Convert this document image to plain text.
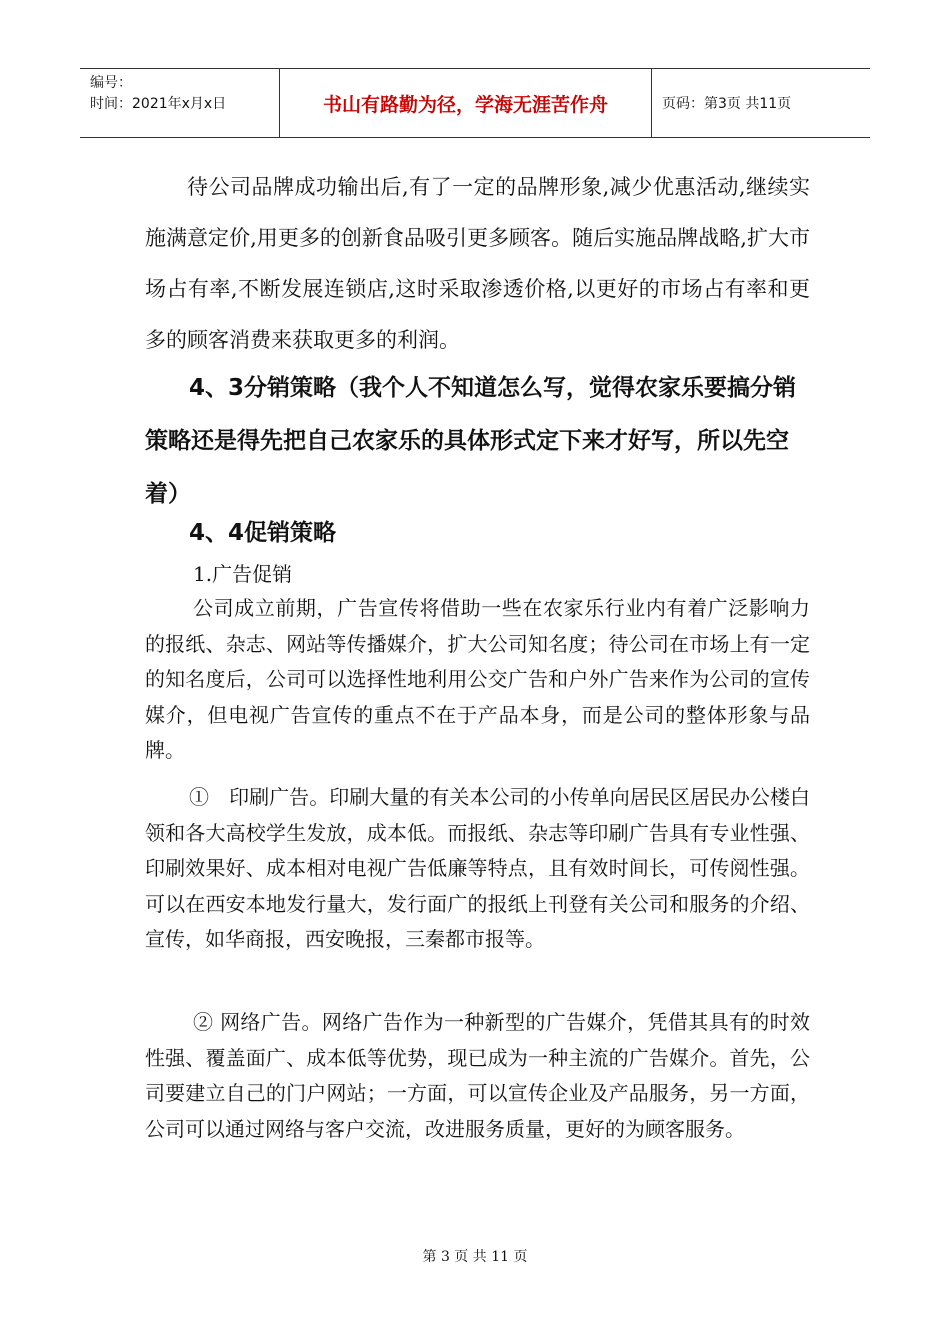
编号：
时间：2021年x月x日	书山有路勤为径，学海无涯苦作舟	页码：第3页 共11页

待公司品牌成功输出后,有了一定的品牌形象,减少优惠活动,继续实施满意定价,用更多的创新食品吸引更多顾客。随后实施品牌战略,扩大市场占有率,不断发展连锁店,这时采取渗透价格,以更好的市场占有率和更多的顾客消费来获取更多的利润。

4、3分销策略（我个人不知道怎么写，觉得农家乐要搞分销策略还是得先把自己农家乐的具体形式定下来才好写，所以先空着）

4、4促销策略

1.广告促销

公司成立前期，广告宣传将借助一些在农家乐行业内有着广泛影响力的报纸、杂志、网站等传播媒介，扩大公司知名度；待公司在市场上有一定的知名度后，公司可以选择性地利用公交广告和户外广告来作为公司的宣传媒介，但电视广告宣传的重点不在于产品本身，而是公司的整体形象与品牌。

①　印刷广告。印刷大量的有关本公司的小传单向居民区居民办公楼白领和各大高校学生发放，成本低。而报纸、杂志等印刷广告具有专业性强、印刷效果好、成本相对电视广告低廉等特点，且有效时间长，可传阅性强。可以在西安本地发行量大，发行面广的报纸上刊登有关公司和服务的介绍、宣传，如华商报，西安晚报，三秦都市报等。

② 网络广告。网络广告作为一种新型的广告媒介，凭借其具有的时效性强、覆盖面广、成本低等优势，现已成为一种主流的广告媒介。首先，公司要建立自己的门户网站；一方面，可以宣传企业及产品服务，另一方面，公司可以通过网络与客户交流，改进服务质量，更好的为顾客服务。

第 3 页 共 11 页
